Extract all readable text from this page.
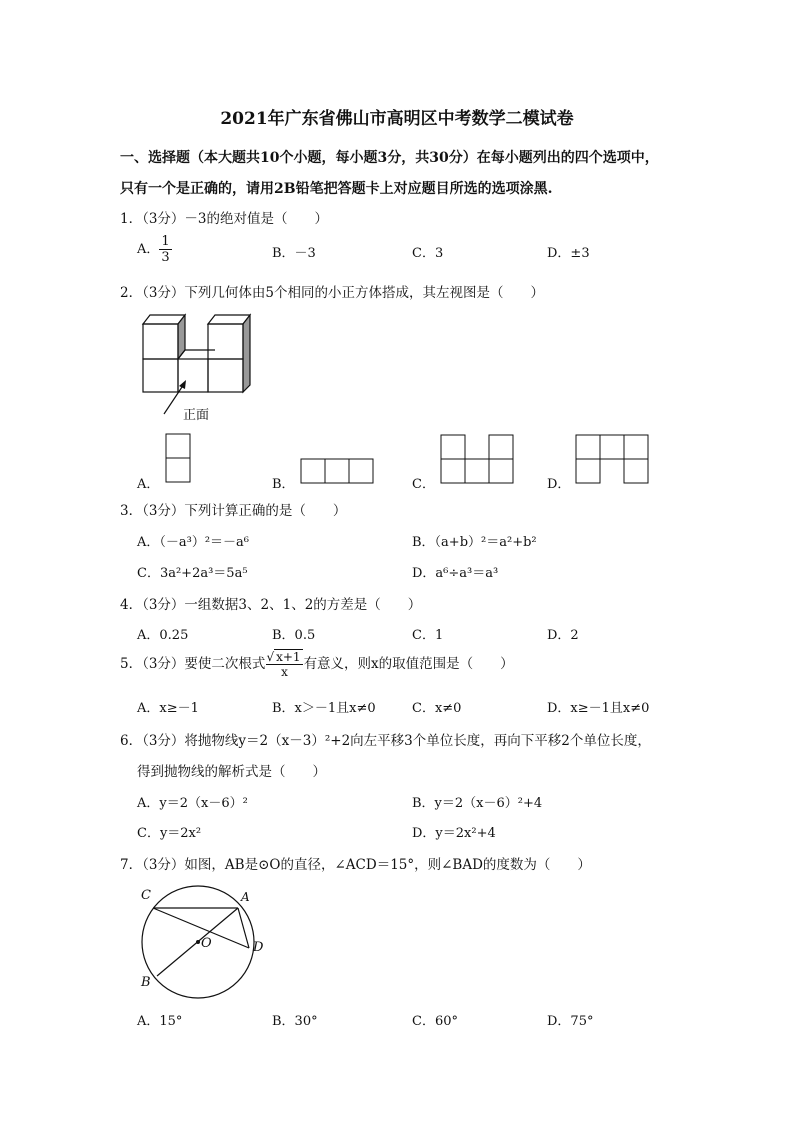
2021年广东省佛山市高明区中考数学二模试卷
一、选择题（本大题共10个小题，每小题3分，共30分）在每小题列出的四个选项中，
只有一个是正确的，请用2B铅笔把答题卡上对应题目所选的选项涂黑.
1．（3分）－3的绝对值是（　　）
A． $\frac{1}{3}$	B．－3	C．3	D．±3
2．（3分）下列几何体由5个相同的小正方体搭成，其左视图是（　　）
正面
A．	B．	C．	D．
3．（3分）下列计算正确的是（　　）
A．（－a³）²＝－a⁶	B．（a+b）²＝a²+b²
C．3a²+2a³＝5a⁵	D．a⁶÷a³＝a³
4．（3分）一组数据3、2、1、2的方差是（　　）
A．0.25	B．0.5	C．1	D．2
5．（3分）要使二次根式 $\frac{√ x+1}{x}$ 有意义，则x的取值范围是（　　）
A．x≥－1	B．x＞－1且x≠0	C．x≠0	D．x≥－1且x≠0
6．（3分）将抛物线y＝2（x－3）²+2向左平移3个单位长度，再向下平移2个单位长度，
得到抛物线的解析式是（　　）
A．y＝2（x－6）²	B．y＝2（x－6）²+4
C．y＝2x²	D．y＝2x²+4
7．（3分）如图，AB是⊙O的直径，∠ACD＝15°，则∠BAD的度数为（　　）
C	A
O	D
B
A．15°	B．30°	C．60°	D．75°
